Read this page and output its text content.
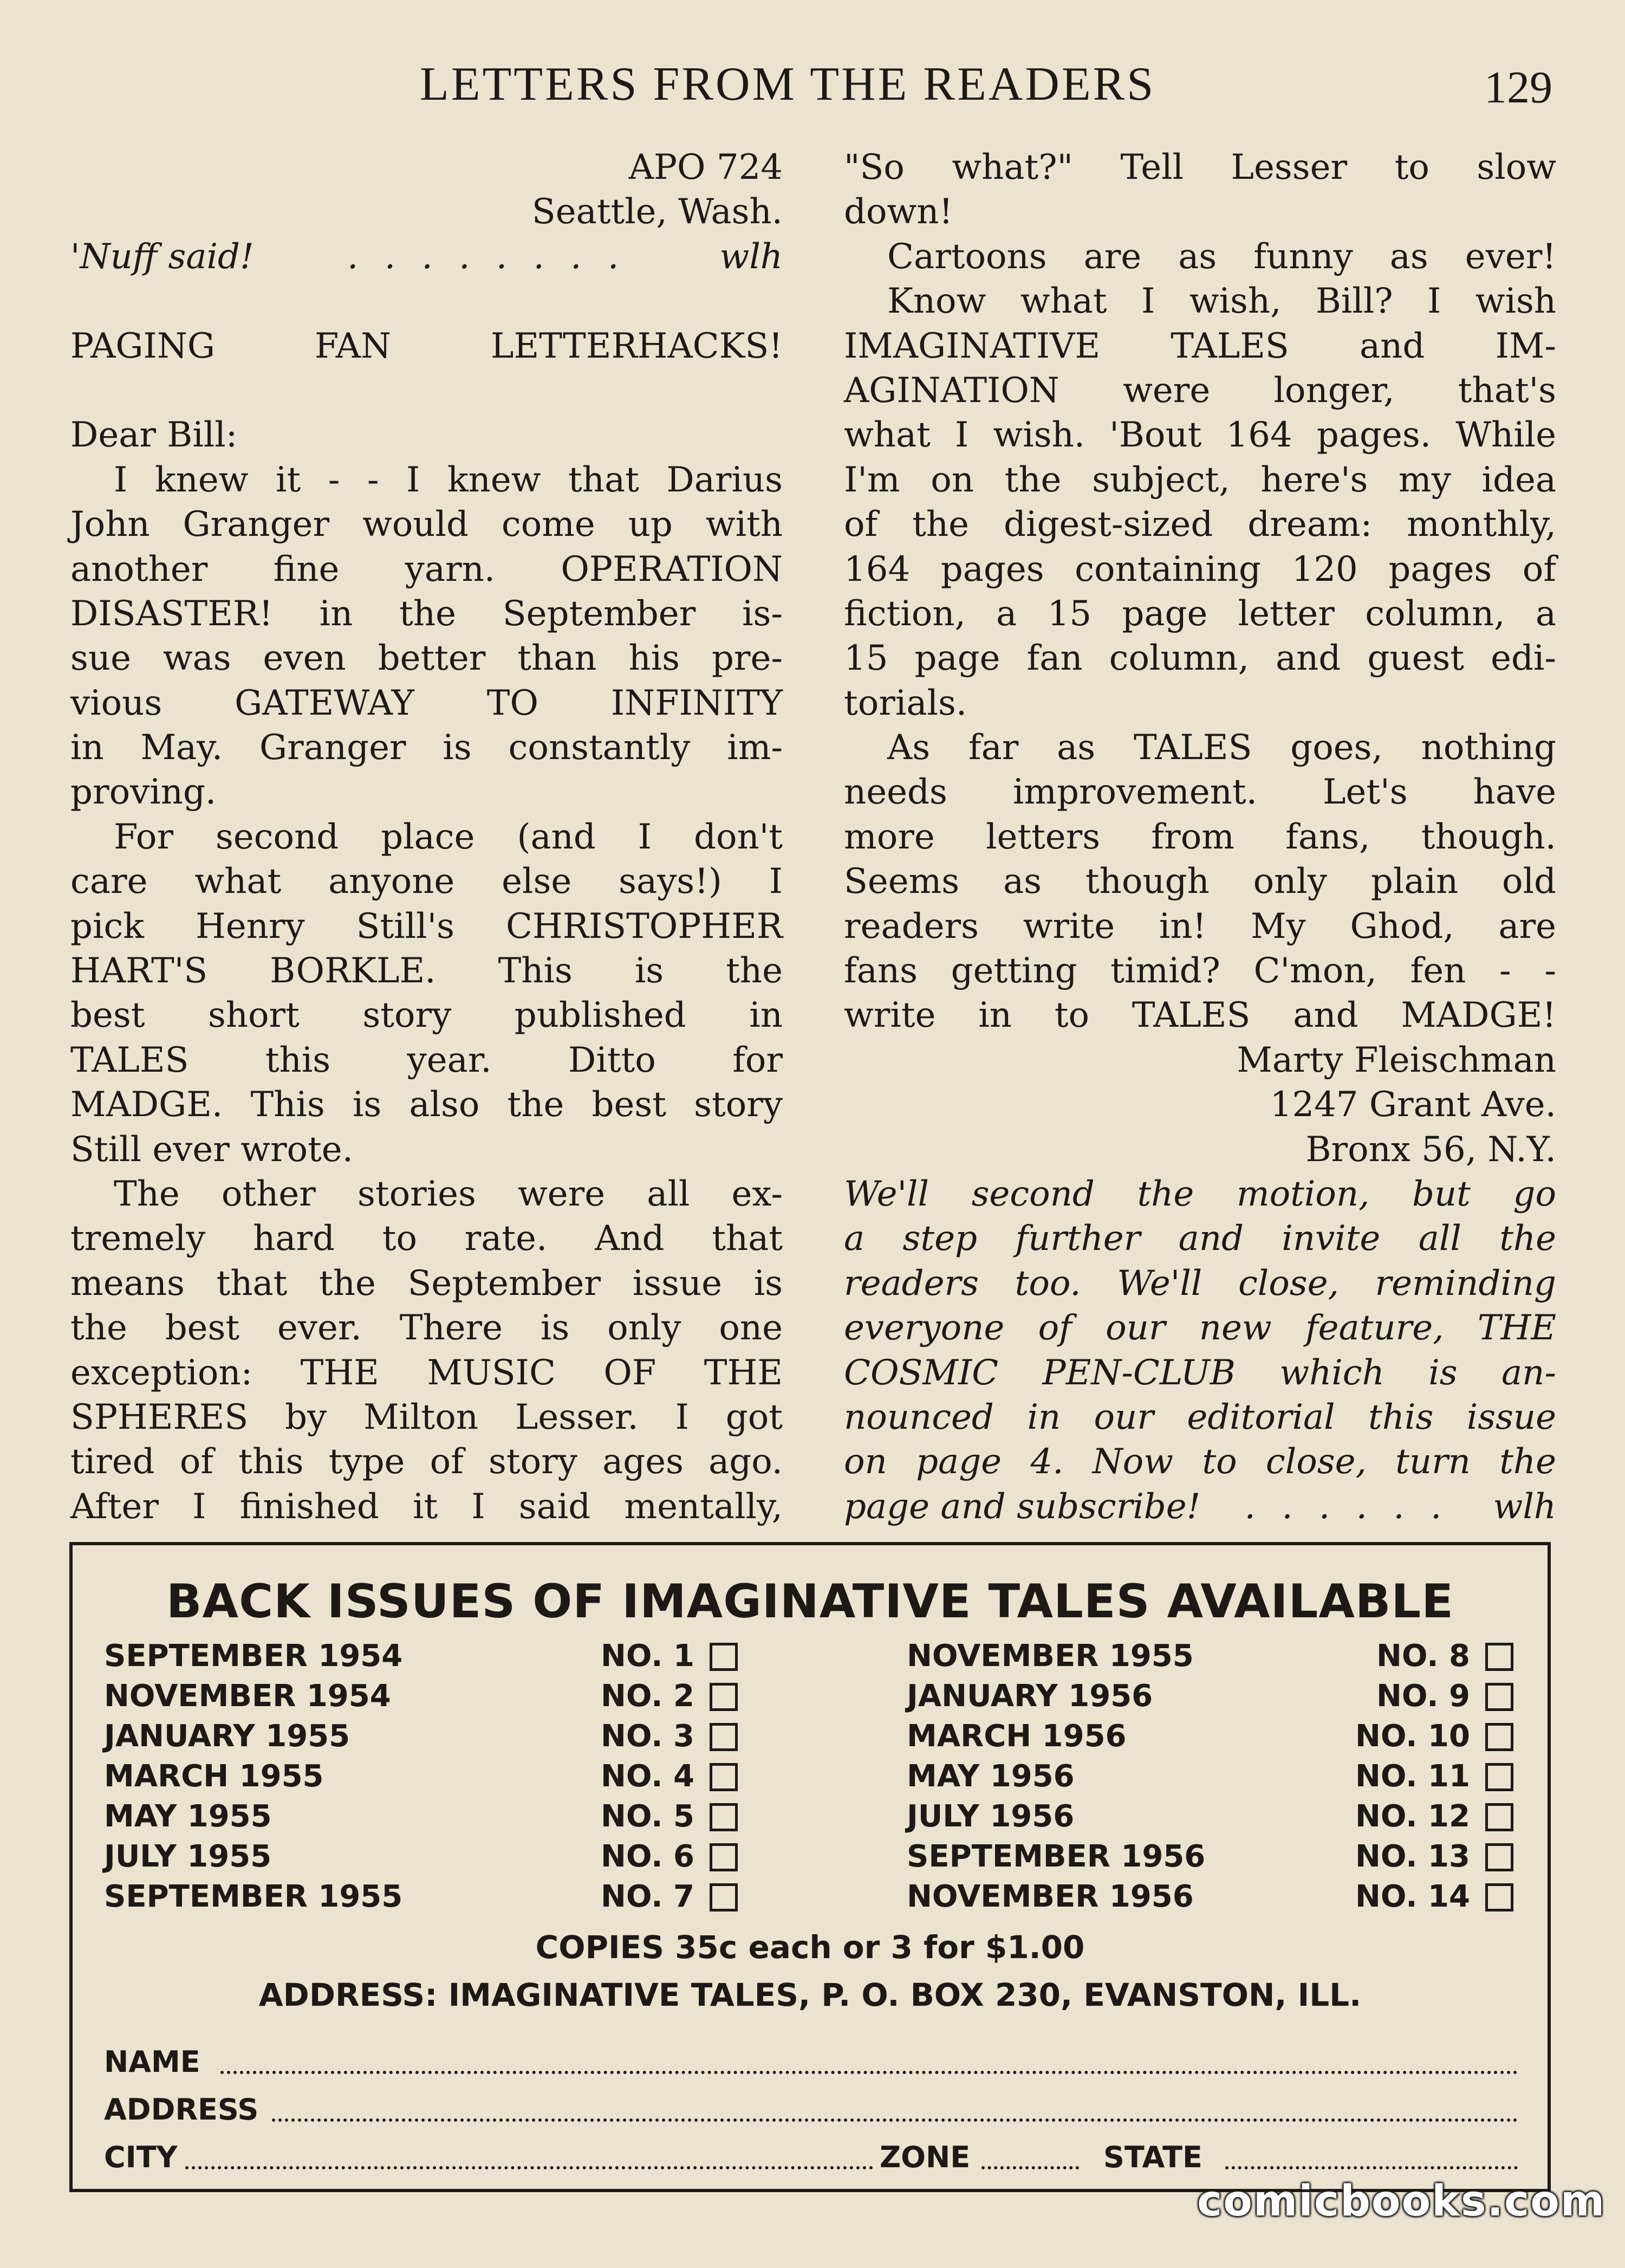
LETTERS FROM THE READERS	129
APO 724
Seattle, Wash.
'Nuff said!	. . . . . . . .	wlh
PAGING FAN LETTERHACKS!
Dear Bill:
I knew it - - I knew that Darius
John Granger would come up with
another fine yarn. OPERATION
DISASTER! in the September is-
sue was even better than his pre-
vious GATEWAY TO INFINITY
in May. Granger is constantly im-
proving.
For second place (and I don't
care what anyone else says!) I
pick Henry Still's CHRISTOPHER
HART'S BORKLE. This is the
best short story published in
TALES this year. Ditto for
MADGE. This is also the best story
Still ever wrote.
The other stories were all ex-
tremely hard to rate. And that
means that the September issue is
the best ever. There is only one
exception: THE MUSIC OF THE
SPHERES by Milton Lesser. I got
tired of this type of story ages ago.
After I finished it I said mentally,
"So what?" Tell Lesser to slow
down!
Cartoons are as funny as ever!
Know what I wish, Bill? I wish
IMAGINATIVE TALES and IM-
AGINATION were longer, that's
what I wish. 'Bout 164 pages. While
I'm on the subject, here's my idea
of the digest-sized dream: monthly,
164 pages containing 120 pages of
fiction, a 15 page letter column, a
15 page fan column, and guest edi-
torials.
As far as TALES goes, nothing
needs improvement. Let's have
more letters from fans, though.
Seems as though only plain old
readers write in! My Ghod, are
fans getting timid? C'mon, fen - -
write in to TALES and MADGE!
Marty Fleischman
1247 Grant Ave.
Bronx 56, N.Y.
We'll second the motion, but go
a step further and invite all the
readers too. We'll close, reminding
everyone of our new feature, THE
COSMIC PEN-CLUB which is an-
nounced in our editorial this issue
on page 4. Now to close, turn the
page and subscribe! . . . . . . wlh
BACK ISSUES OF IMAGINATIVE TALES AVAILABLE
SEPTEMBER 1954	NO. 1
NOVEMBER 1954	NO. 2
JANUARY 1955	NO. 3
MARCH 1955	NO. 4
MAY 1955	NO. 5
JULY 1955	NO. 6
SEPTEMBER 1955	NO. 7
NOVEMBER 1955	NO. 8
JANUARY 1956	NO. 9
MARCH 1956	NO. 10
MAY 1956	NO. 11
JULY 1956	NO. 12
SEPTEMBER 1956	NO. 13
NOVEMBER 1956	NO. 14
COPIES 35c each or 3 for $1.00
ADDRESS: IMAGINATIVE TALES, P. O. BOX 230, EVANSTON, ILL.
NAME
ADDRESS
CITY	ZONE	STATE
comicbooks.com
